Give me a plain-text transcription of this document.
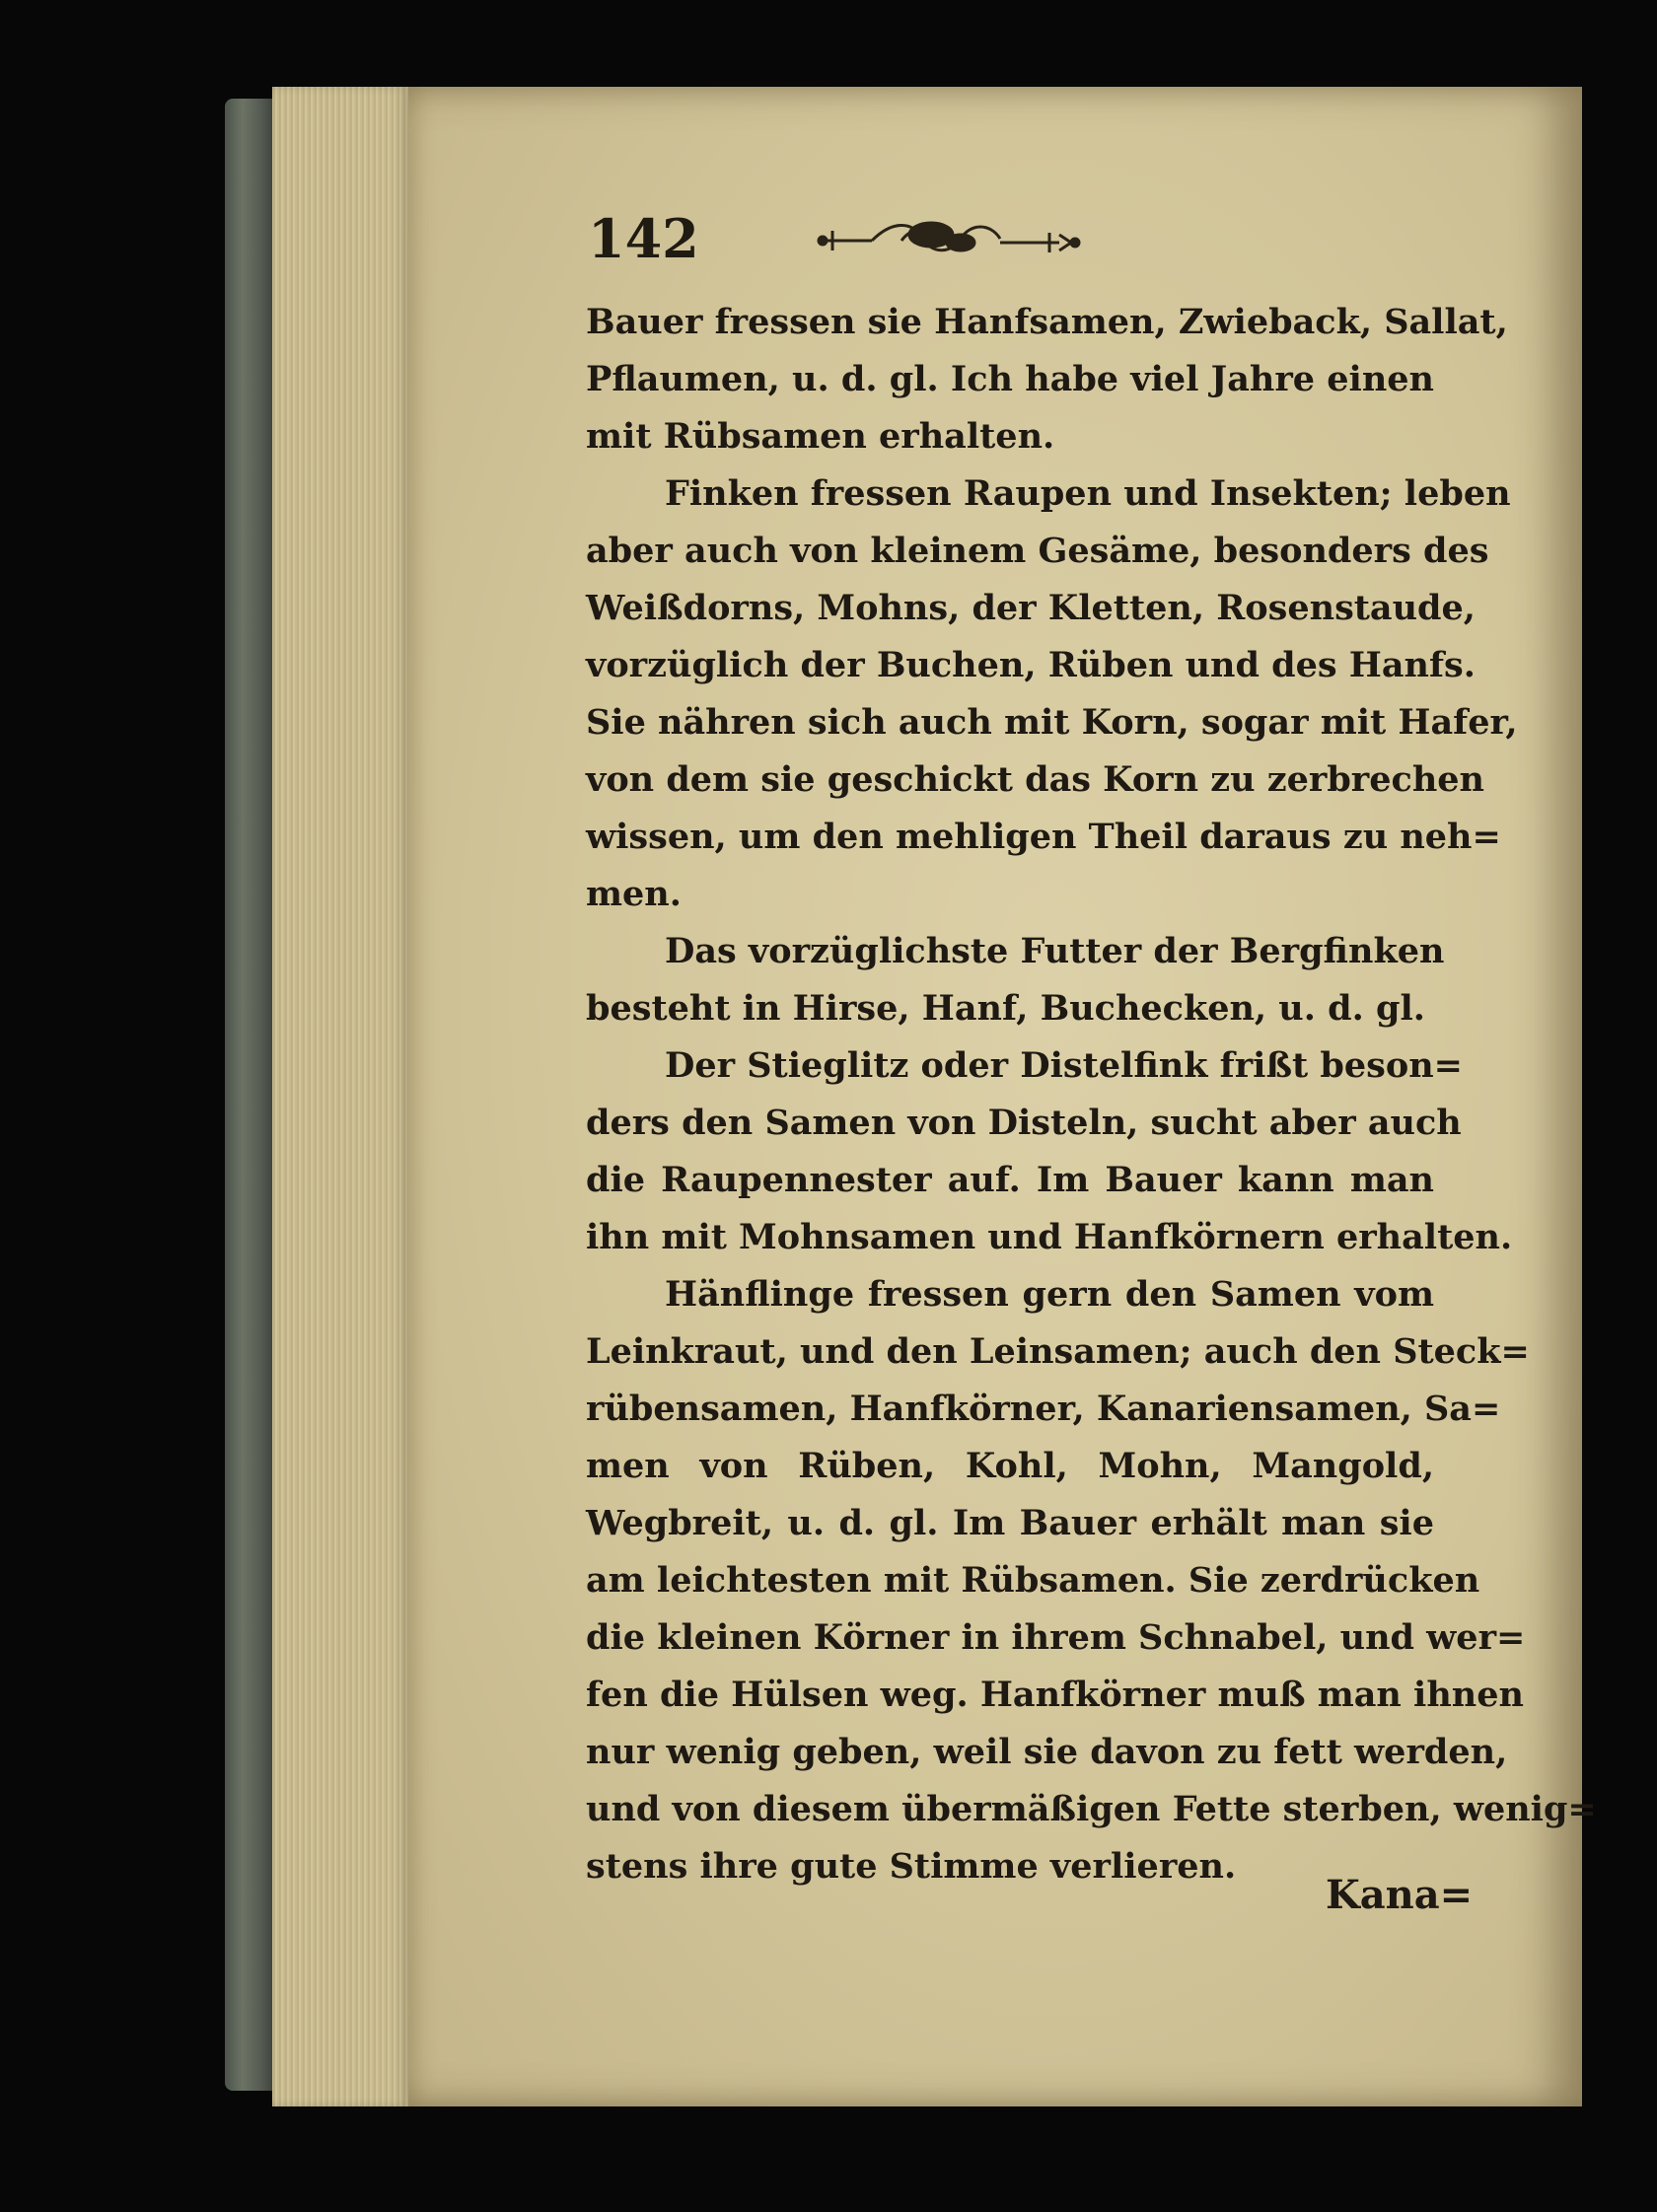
142
Bauer fressen sie Hanfsamen, Zwieback, Sallat,
Pflaumen, u. d. gl. Ich habe viel Jahre einen
mit Rübsamen erhalten.
Finken fressen Raupen und Insekten; leben
aber auch von kleinem Gesäme, besonders des
Weißdorns, Mohns, der Kletten, Rosenstaude,
vorzüglich der Buchen, Rüben und des Hanfs.
Sie nähren sich auch mit Korn, sogar mit Hafer,
von dem sie geschickt das Korn zu zerbrechen
wissen, um den mehligen Theil daraus zu neh=
men.
Das vorzüglichste Futter der Bergfinken
besteht in Hirse, Hanf, Buchecken, u. d. gl.
Der Stieglitz oder Distelfink frißt beson=
ders den Samen von Disteln, sucht aber auch
die Raupennester auf. Im Bauer kann man
ihn mit Mohnsamen und Hanfkörnern erhalten.
Hänflinge fressen gern den Samen vom
Leinkraut, und den Leinsamen; auch den Steck=
rübensamen, Hanfkörner, Kanariensamen, Sa=
men von Rüben, Kohl, Mohn, Mangold,
Wegbreit, u. d. gl. Im Bauer erhält man sie
am leichtesten mit Rübsamen. Sie zerdrücken
die kleinen Körner in ihrem Schnabel, und wer=
fen die Hülsen weg. Hanfkörner muß man ihnen
nur wenig geben, weil sie davon zu fett werden,
und von diesem übermäßigen Fette sterben, wenig=
stens ihre gute Stimme verlieren.
Kana=
